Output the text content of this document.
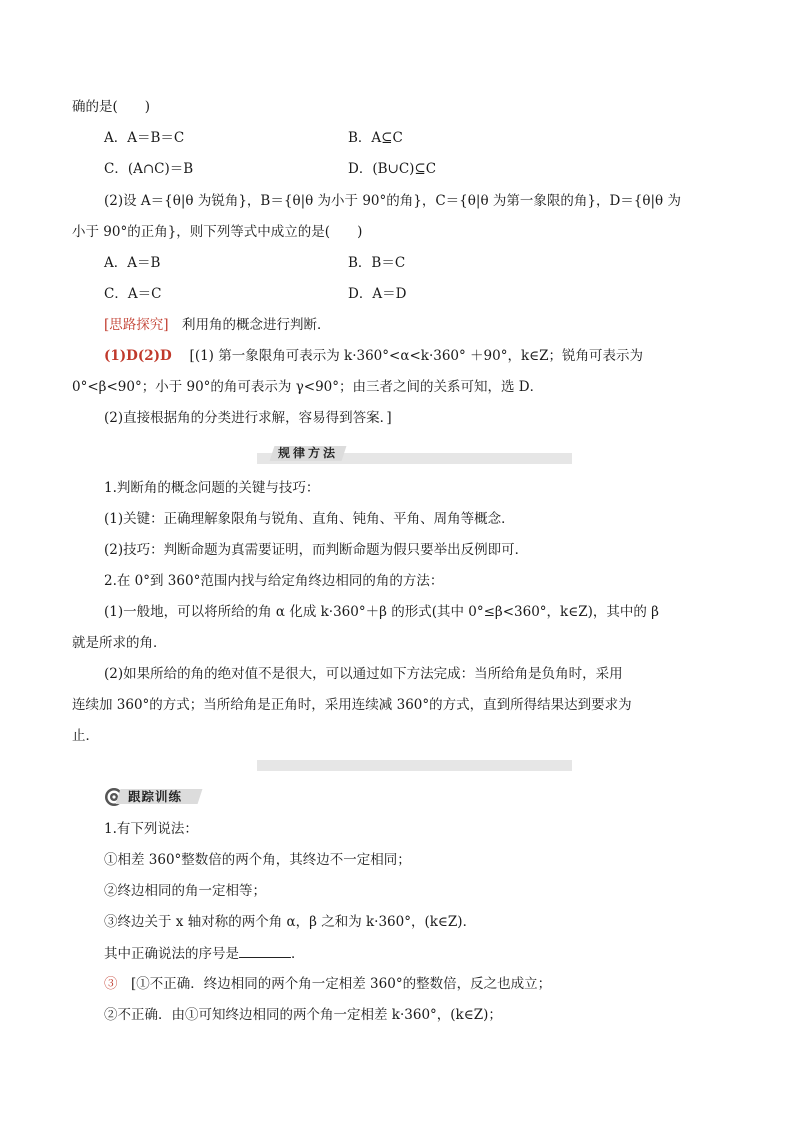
确的是(　　)
A．A＝B＝C	B．A⊆C
C．(A∩C)＝B	D．(B∪C)⊆C
(2)设 A＝{θ|θ 为锐角}，B＝{θ|θ 为小于 90°的角}，C＝{θ|θ 为第一象限的角}，D＝{θ|θ 为
小于 90°的正角}，则下列等式中成立的是(　　)
A．A＝B	B．B＝C
C．A＝C	D．A＝D
[思路探究]　利用角的概念进行判断．
(1)D(2)D　 [(1) 第一象限角可表示为 k·360°<α<k·360° ＋90°，k∈Z；锐角可表示为
0°<β<90°；小于 90°的角可表示为 γ<90°；由三者之间的关系可知，选 D．
(2)直接根据角的分类进行求解，容易得到答案．]
规律方法
1.判断角的概念问题的关键与技巧：
(1)关键：正确理解象限角与锐角、直角、钝角、平角、周角等概念．
(2)技巧：判断命题为真需要证明，而判断命题为假只要举出反例即可．
2.在 0°到 360°范围内找与给定角终边相同的角的方法：
(1)一般地，可以将所给的角 α 化成 k·360°＋β 的形式(其中 0°≤β<360°，k∈Z)，其中的 β
就是所求的角．
(2)如果所给的角的绝对值不是很大，可以通过如下方法完成：当所给角是负角时，采用
连续加 360°的方式；当所给角是正角时，采用连续减 360°的方式，直到所得结果达到要求为
止．
跟踪训练
1.有下列说法：
①相差 360°整数倍的两个角，其终边不一定相同；
②终边相同的角一定相等；
③终边关于 x 轴对称的两个角 α，β 之和为 k·360°，(k∈Z)．
其中正确说法的序号是	．
③　[①不正确．终边相同的两个角一定相差 360°的整数倍，反之也成立；
②不正确．由①可知终边相同的两个角一定相差 k·360°，(k∈Z)；
